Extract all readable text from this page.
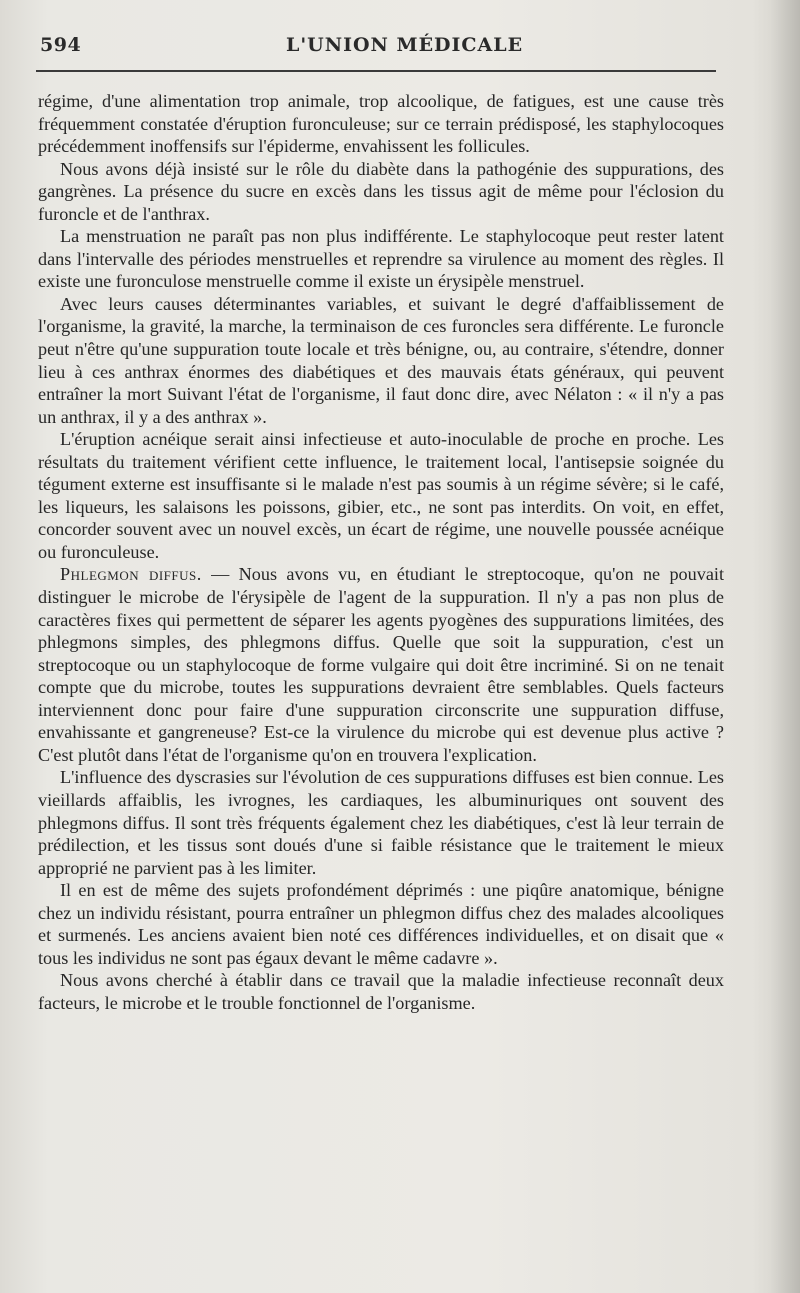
594	L'UNION MÉDICALE

régime, d'une alimentation trop animale, trop alcoolique, de fatigues, est une cause très fréquemment constatée d'éruption furonculeuse; sur ce terrain prédisposé, les staphylocoques précédemment inoffensifs sur l'épiderme, envahissent les follicules.

Nous avons déjà insisté sur le rôle du diabète dans la pathogénie des suppurations, des gangrènes. La présence du sucre en excès dans les tissus agit de même pour l'éclosion du furoncle et de l'anthrax.

La menstruation ne paraît pas non plus indifférente. Le staphylocoque peut rester latent dans l'intervalle des périodes menstruelles et reprendre sa virulence au moment des règles. Il existe une furonculose menstruelle comme il existe un érysipèle menstruel.

Avec leurs causes déterminantes variables, et suivant le degré d'affaiblissement de l'organisme, la gravité, la marche, la terminaison de ces furoncles sera différente. Le furoncle peut n'être qu'une suppuration toute locale et très bénigne, ou, au contraire, s'étendre, donner lieu à ces anthrax énormes des diabétiques et des mauvais états généraux, qui peuvent entraîner la mort Suivant l'état de l'organisme, il faut donc dire, avec Nélaton : « il n'y a pas un anthrax, il y a des anthrax ».

L'éruption acnéique serait ainsi infectieuse et auto-inoculable de proche en proche. Les résultats du traitement vérifient cette influence, le traitement local, l'antisepsie soignée du tégument externe est insuffisante si le malade n'est pas soumis à un régime sévère; si le café, les liqueurs, les salaisons les poissons, gibier, etc., ne sont pas interdits. On voit, en effet, concorder souvent avec un nouvel excès, un écart de régime, une nouvelle poussée acnéique ou furonculeuse.

Phlegmon diffus. — Nous avons vu, en étudiant le streptocoque, qu'on ne pouvait distinguer le microbe de l'érysipèle de l'agent de la suppuration. Il n'y a pas non plus de caractères fixes qui permettent de séparer les agents pyogènes des suppurations limitées, des phlegmons simples, des phlegmons diffus. Quelle que soit la suppuration, c'est un streptocoque ou un staphylocoque de forme vulgaire qui doit être incriminé. Si on ne tenait compte que du microbe, toutes les suppurations devraient être semblables. Quels facteurs interviennent donc pour faire d'une suppuration circonscrite une suppuration diffuse, envahissante et gangreneuse? Est-ce la virulence du microbe qui est devenue plus active ? C'est plutôt dans l'état de l'organisme qu'on en trouvera l'explication.

L'influence des dyscrasies sur l'évolution de ces suppurations diffuses est bien connue. Les vieillards affaiblis, les ivrognes, les cardiaques, les albuminuriques ont souvent des phlegmons diffus. Il sont très fréquents également chez les diabétiques, c'est là leur terrain de prédilection, et les tissus sont doués d'une si faible résistance que le traitement le mieux approprié ne parvient pas à les limiter.

Il en est de même des sujets profondément déprimés : une piqûre anatomique, bénigne chez un individu résistant, pourra entraîner un phlegmon diffus chez des malades alcooliques et surmenés. Les anciens avaient bien noté ces différences individuelles, et on disait que « tous les individus ne sont pas égaux devant le même cadavre ».

Nous avons cherché à établir dans ce travail que la maladie infectieuse reconnaît deux facteurs, le microbe et le trouble fonctionnel de l'organisme.
